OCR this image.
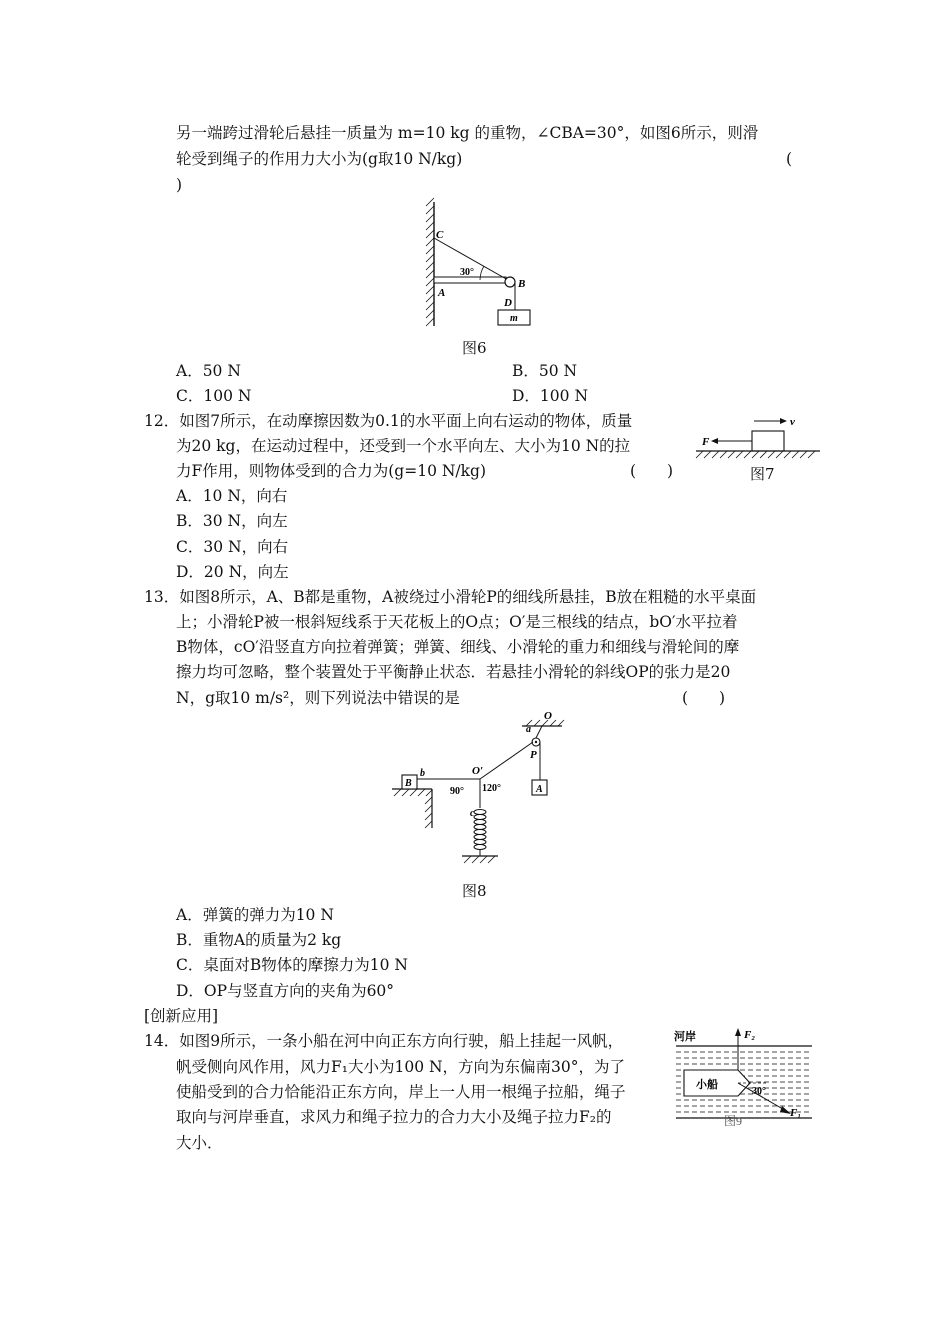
另一端跨过滑轮后悬挂一质量为 m=10 kg 的重物，∠CBA=30°，如图6所示，则滑
轮受到绳子的作用力大小为(g取10 N/kg)	(
)
C
30°
B
A
D
m
图6
A．50 N	B．50 N
C．100 N	D．100 N
12．如图7所示，在动摩擦因数为0.1的水平面上向右运动的物体，质量
为20 kg，在运动过程中，还受到一个水平向左、大小为10 N的拉
力F作用，则物体受到的合力为(g=10 N/kg)	(　　)
v
F
图7
A．10 N，向右
B．30 N，向左
C．30 N，向右
D．20 N，向左
13．如图8所示，A、B都是重物，A被绕过小滑轮P的细线所悬挂，B放在粗糙的水平桌面
上；小滑轮P被一根斜短线系于天花板上的O点；O′是三根线的结点，bO′水平拉着
B物体，cO′沿竖直方向拉着弹簧；弹簧、细线、小滑轮的重力和细线与滑轮间的摩
擦力均可忽略，整个装置处于平衡静止状态．若悬挂小滑轮的斜线OP的张力是20
N，g取10 m/s²，则下列说法中错误的是	(　　)
O
a
P
A
B
b	O′
90° 120°
c
图8
A．弹簧的弹力为10 N
B．重物A的质量为2 kg
C．桌面对B物体的摩擦力为10 N
D．OP与竖直方向的夹角为60°
[创新应用]
14．如图9所示，一条小船在河中向正东方向行驶，船上挂起一风帆，
帆受侧向风作用，风力F₁大小为100 N，方向为东偏南30°，为了
使船受到的合力恰能沿正东方向，岸上一人用一根绳子拉船，绳子
取向与河岸垂直，求风力和绳子拉力的合力大小及绳子拉力F₂的
大小．
河岸	F₂
小船
30°
F₁
图9
